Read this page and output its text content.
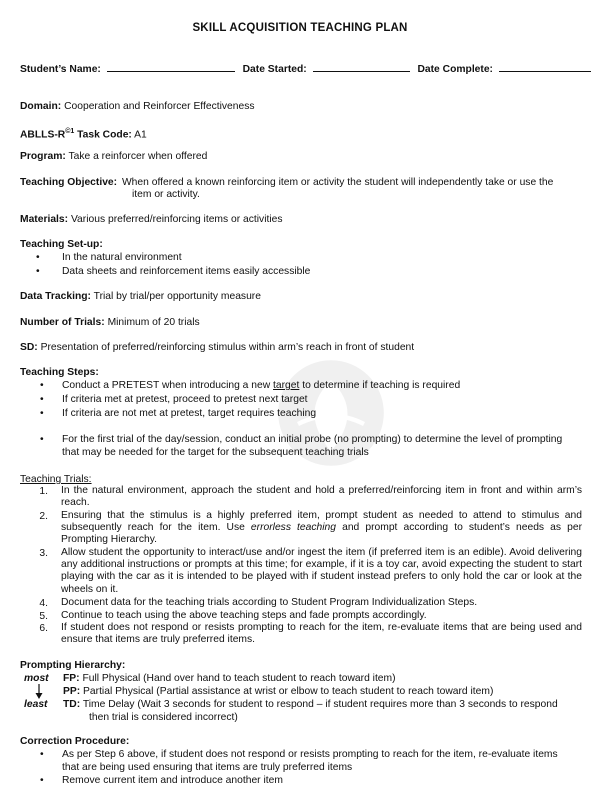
SKILL ACQUISITION TEACHING PLAN
Student’s Name:	Date Started:	Date Complete:
Domain: Cooperation and Reinforcer Effectiveness
ABLLS-$R^{©1}$ Task Code: A1
Program: Take a reinforcer when offered
Teaching Objective: When offered a known reinforcing item or activity the student will independently take or use the
item or activity.
Materials: Various preferred/reinforcing items or activities
Teaching Set-up:
• In the natural environment
• Data sheets and reinforcement items easily accessible
Data Tracking: Trial by trial/per opportunity measure
Number of Trials: Minimum of 20 trials
SD: Presentation of preferred/reinforcing stimulus within arm’s reach in front of student
Teaching Steps:
• Conduct a PRETEST when introducing a new target to determine if teaching is required
• If criteria met at pretest, proceed to pretest next target
• If criteria are not met at pretest, target requires teaching
• For the first trial of the day/session, conduct an initial probe (no prompting) to determine the level of prompting
that may be needed for the target for the subsequent teaching trials
Teaching Trials:
1. In the natural environment, approach the student and hold a preferred/reinforcing item in front and within arm’s reach.
2. Ensuring that the stimulus is a highly preferred item, prompt student as needed to attend to stimulus and subsequently reach for the item. Use errorless teaching and prompt according to student’s needs as per Prompting Hierarchy.
3. Allow student the opportunity to interact/use and/or ingest the item (if preferred item is an edible). Avoid delivering any additional instructions or prompts at this time; for example, if it is a toy car, avoid expecting the student to start playing with the car as it is intended to be played with if student instead prefers to only hold the car or look at the wheels on it.
4. Document data for the teaching trials according to Student Program Individualization Steps.
5. Continue to teach using the above teaching steps and fade prompts accordingly.
6. If student does not respond or resists prompting to reach for the item, re-evaluate items that are being used and ensure that items are truly preferred items.
Prompting Hierarchy:
most
least
FP: Full Physical (Hand over hand to teach student to reach toward item)
PP: Partial Physical (Partial assistance at wrist or elbow to teach student to reach toward item)
TD: Time Delay (Wait 3 seconds for student to respond – if student requires more than 3 seconds to respond
then trial is considered incorrect)
Correction Procedure:
• As per Step 6 above, if student does not respond or resists prompting to reach for the item, re-evaluate items
that are being used ensuring that items are truly preferred items
• Remove current item and introduce another item
